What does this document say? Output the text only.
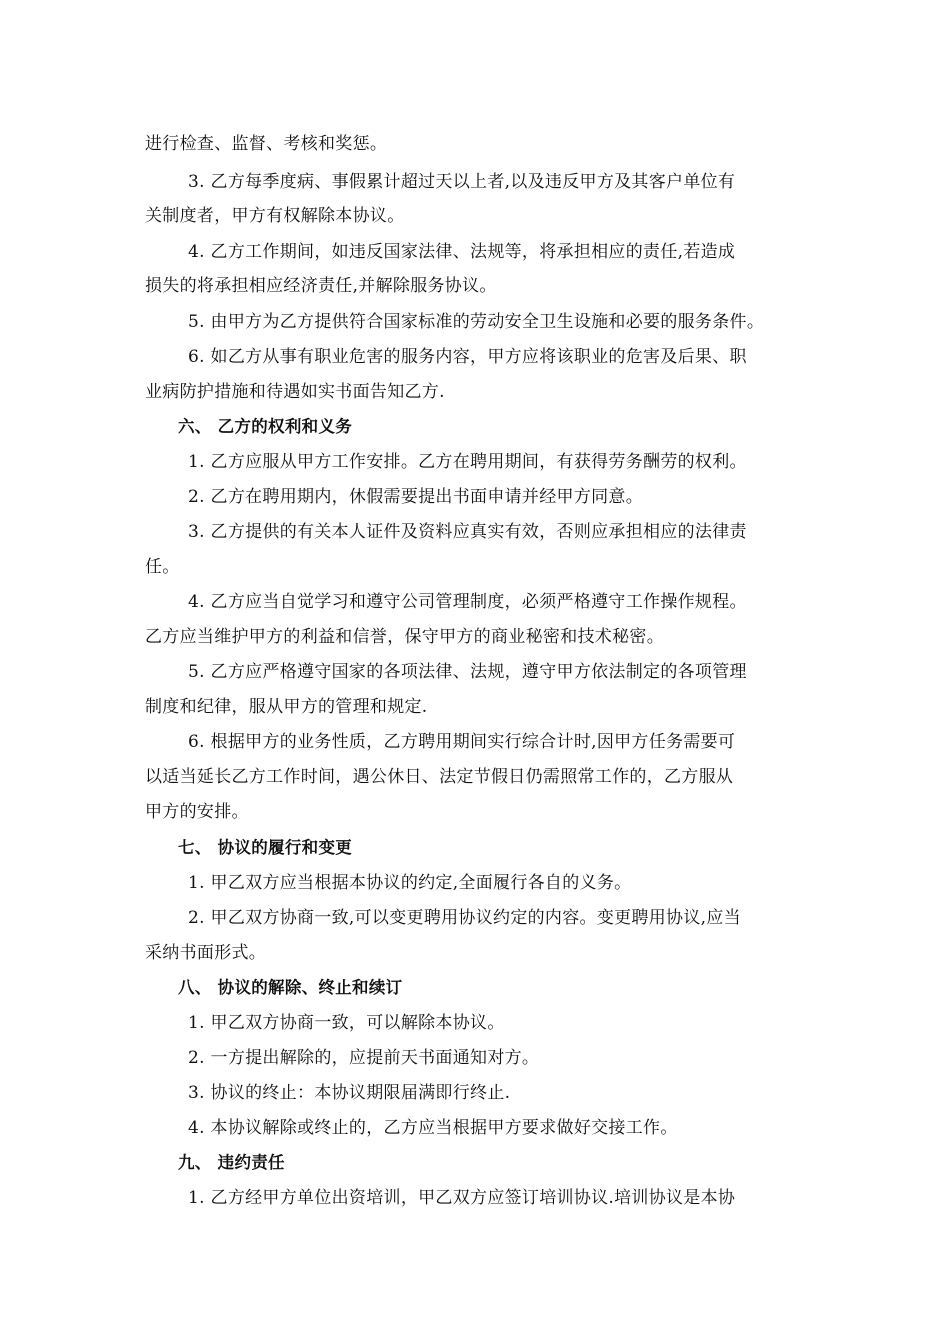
进行检查、监督、考核和奖惩。
3. 乙方每季度病、事假累计超过天以上者,以及违反甲方及其客户单位有
关制度者，甲方有权解除本协议。
4. 乙方工作期间，如违反国家法律、法规等，将承担相应的责任,若造成
损失的将承担相应经济责任,并解除服务协议。
5. 由甲方为乙方提供符合国家标准的劳动安全卫生设施和必要的服务条件。
6. 如乙方从事有职业危害的服务内容，甲方应将该职业的危害及后果、职
业病防护措施和待遇如实书面告知乙方.
六、 乙方的权利和义务
1. 乙方应服从甲方工作安排。乙方在聘用期间，有获得劳务酬劳的权利。
2. 乙方在聘用期内，休假需要提出书面申请并经甲方同意。
3. 乙方提供的有关本人证件及资料应真实有效，否则应承担相应的法律责
任。
4. 乙方应当自觉学习和遵守公司管理制度，必须严格遵守工作操作规程。
乙方应当维护甲方的利益和信誉，保守甲方的商业秘密和技术秘密。
5. 乙方应严格遵守国家的各项法律、法规，遵守甲方依法制定的各项管理
制度和纪律，服从甲方的管理和规定.
6. 根据甲方的业务性质，乙方聘用期间实行综合计时,因甲方任务需要可
以适当延长乙方工作时间，遇公休日、法定节假日仍需照常工作的，乙方服从
甲方的安排。
七、 协议的履行和变更
1. 甲乙双方应当根据本协议的约定,全面履行各自的义务。
2. 甲乙双方协商一致,可以变更聘用协议约定的内容。变更聘用协议,应当
采纳书面形式。
八、 协议的解除、终止和续订
1. 甲乙双方协商一致，可以解除本协议。
2. 一方提出解除的，应提前天书面通知对方。
3. 协议的终止：本协议期限届满即行终止.
4. 本协议解除或终止的，乙方应当根据甲方要求做好交接工作。
九、 违约责任
1. 乙方经甲方单位出资培训，甲乙双方应签订培训协议.培训协议是本协
